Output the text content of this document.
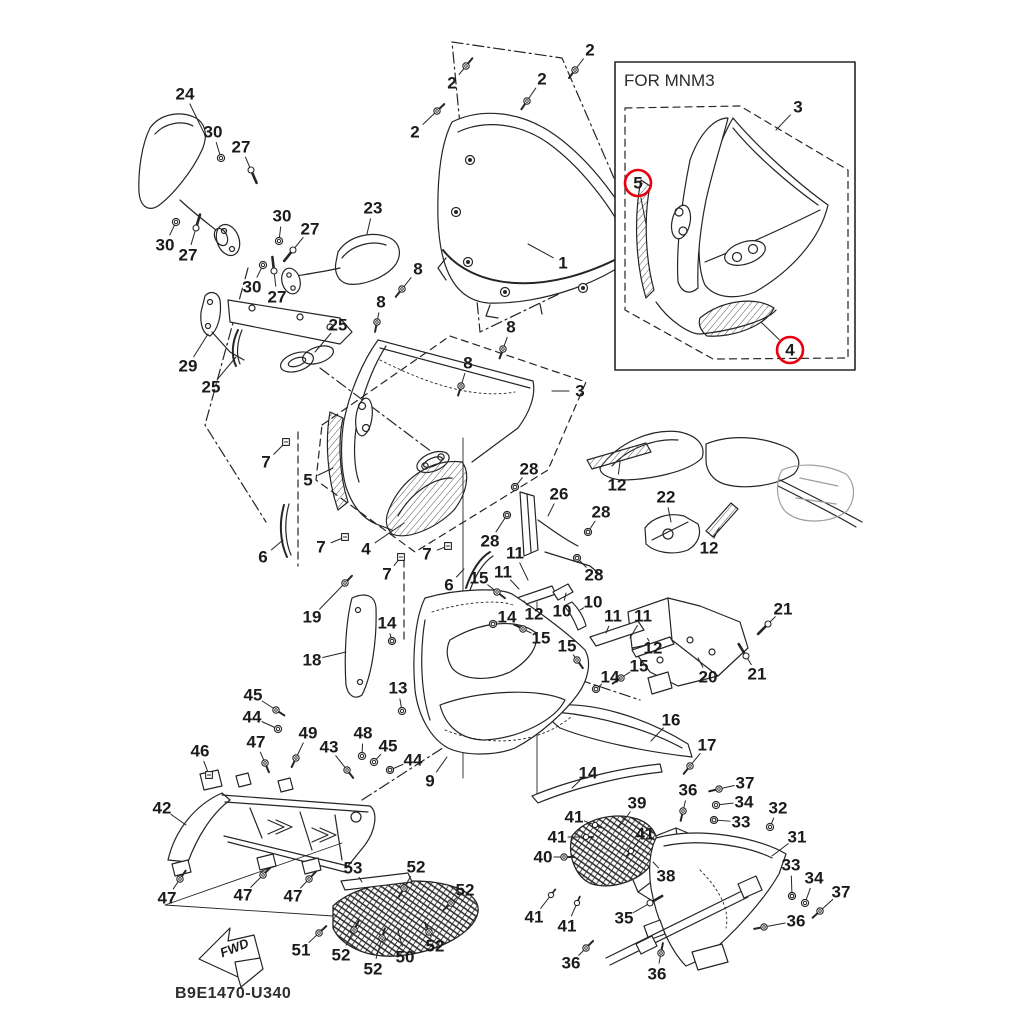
FWD
B9E1470-U340
FOR MNM3
24
30
27
2	2
2
2
23
30
27
30
27
30
27
1
8
8
29
25
25	8
8
3
7
5
6
7 4
7
7
6
28
26
28
28
28
11
11
15
14 12 10 10
11 11
15 15	12
15
14
12
22
12
21
21
20
19
18
14
13
9
16
17
14
49
43
48
45
44
46
42
45
44
47
47	47 47
53	52
52
52
51 52
52
50
39
41
41
40
41
38
35
41 41
36
36
36 37
34
33
32
31
33
34
37
36
3
5
4
